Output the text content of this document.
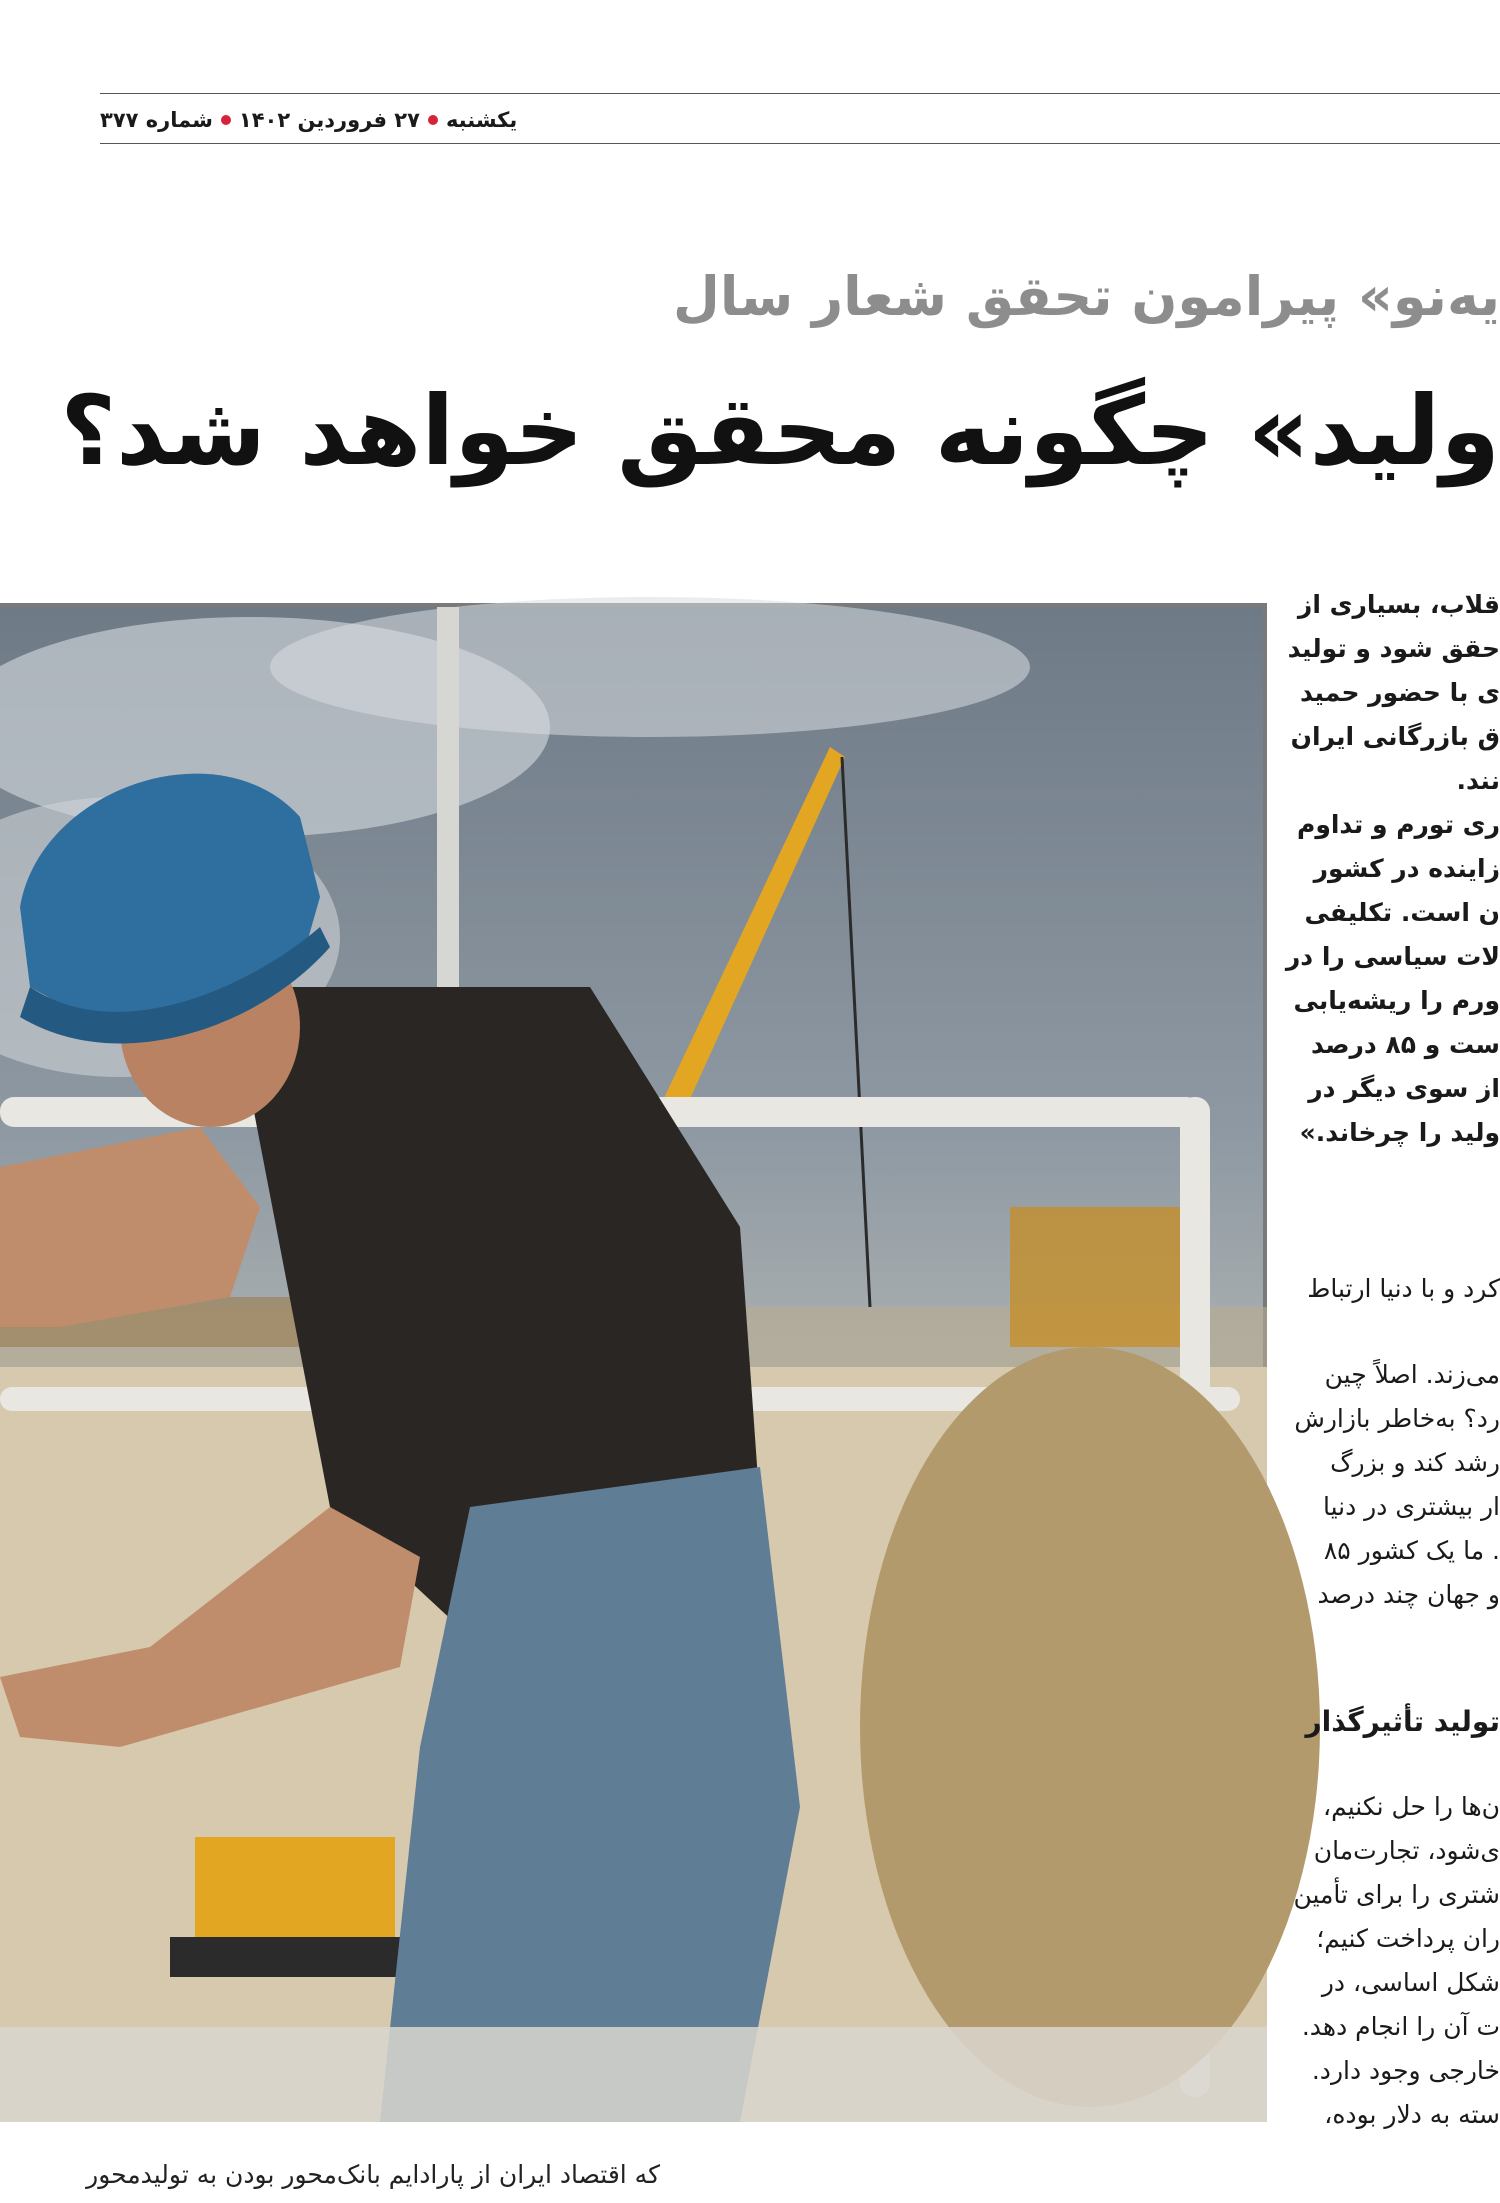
یکشنبه
۲۷ فروردین ۱۴۰۲
شماره ۳۷۷
یه‌نو» پیرامون تحقق شعار سال
ولید» چگونه محقق خواهد شد؟

قلاب، بسیاری از

حقق شود و تولید

ی با حضور حمید

ق بازرگانی ایران

نند.

ری تورم و تداوم

زاینده در کشور

ن است. تکلیفی

لات سیاسی را در

ورم را ریشه‌یابی

ست و ۸۵ درصد

از سوی دیگر در

ولید را چرخاند.»

کرد و با دنیا ارتباط

می‌زند. اصلاً چین

رد؟ به‌خاطر بازارش

رشد کند و بزرگ

ار بیشتری در دنیا

. ما یک کشور ۸۵

و جهان چند درصد

تولید تأثیرگذار

ن‌ها را حل نکنیم،

ی‌شود، تجارت‌مان

شتری را برای تأمین

ران پرداخت کنیم؛

شکل اساسی، در

ت آن را انجام دهد.

خارجی وجود دارد.

سته به دلار بوده،

که اقتصاد ایران از پارادایم بانک‌محور بودن به تولیدمحور
